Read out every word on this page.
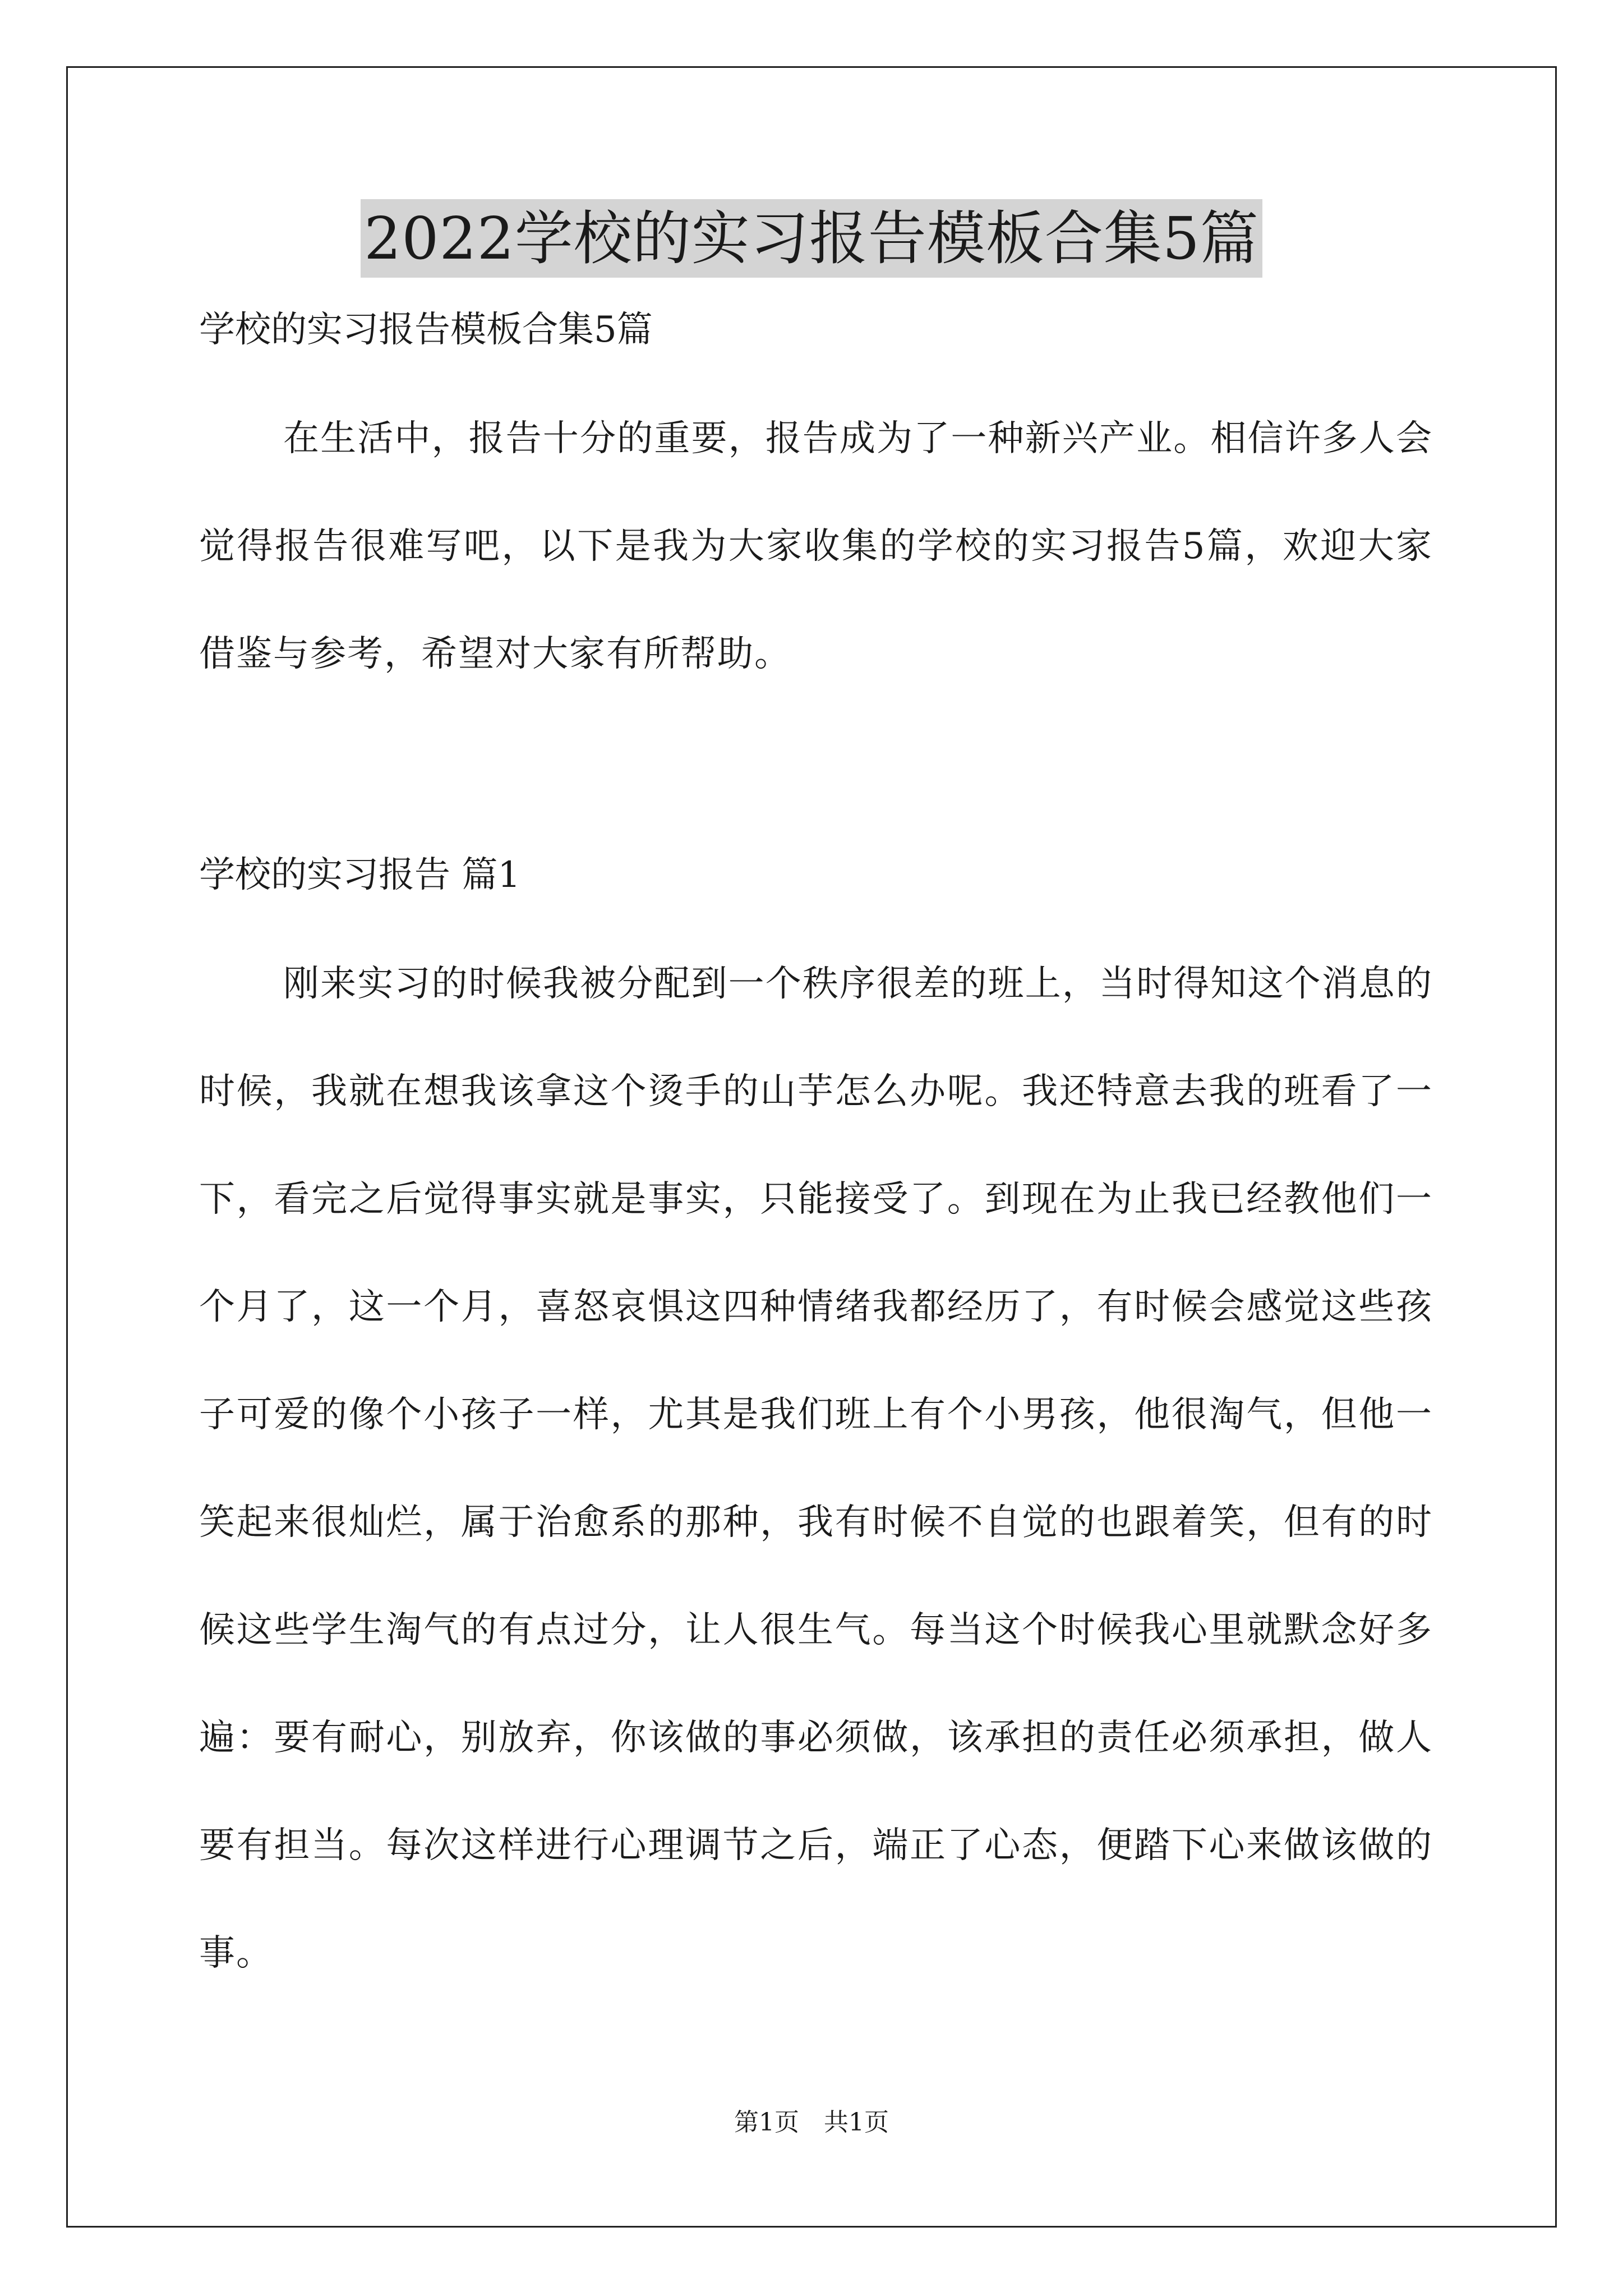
2022学校的实习报告模板合集5篇

学校的实习报告模板合集5篇

在生活中，报告十分的重要，报告成为了一种新兴产业。相信许多人会觉得报告很难写吧，以下是我为大家收集的学校的实习报告5篇，欢迎大家借鉴与参考，希望对大家有所帮助。

学校的实习报告 篇1

刚来实习的时候我被分配到一个秩序很差的班上，当时得知这个消息的时候，我就在想我该拿这个烫手的山芋怎么办呢。我还特意去我的班看了一下，看完之后觉得事实就是事实，只能接受了。到现在为止我已经教他们一个月了，这一个月，喜怒哀惧这四种情绪我都经历了，有时候会感觉这些孩子可爱的像个小孩子一样，尤其是我们班上有个小男孩，他很淘气，但他一笑起来很灿烂，属于治愈系的那种，我有时候不自觉的也跟着笑，但有的时候这些学生淘气的有点过分，让人很生气。每当这个时候我心里就默念好多遍：要有耐心，别放弃，你该做的事必须做，该承担的责任必须承担，做人要有担当。每次这样进行心理调节之后，端正了心态，便踏下心来做该做的事。

第1页　共1页
